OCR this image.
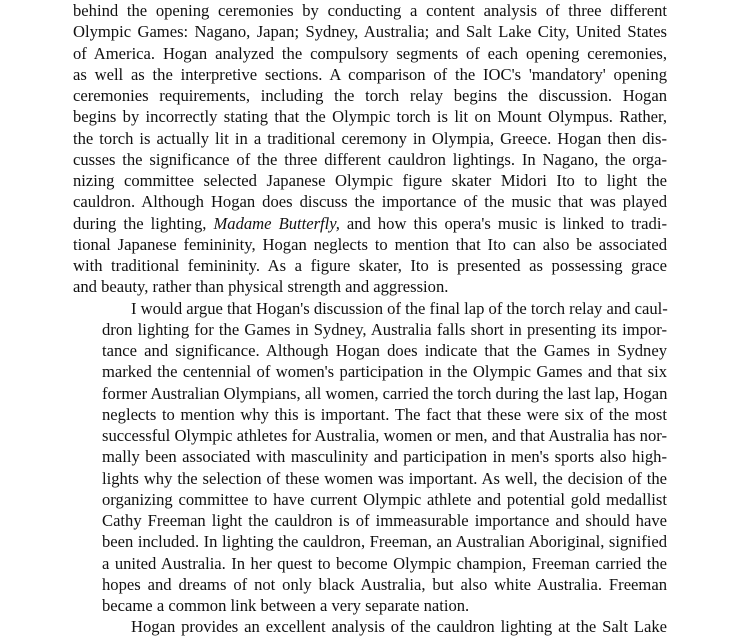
behind the opening ceremonies by conducting a content analysis of three different
Olympic Games: Nagano, Japan; Sydney, Australia; and Salt Lake City, United States
of America. Hogan analyzed the compulsory segments of each opening ceremonies,
as well as the interpretive sections. A comparison of the IOC's 'mandatory' opening
ceremonies requirements, including the torch relay begins the discussion. Hogan
begins by incorrectly stating that the Olympic torch is lit on Mount Olympus. Rather,
the torch is actually lit in a traditional ceremony in Olympia, Greece. Hogan then dis-
cusses the significance of the three different cauldron lightings. In Nagano, the orga-
nizing committee selected Japanese Olympic figure skater Midori Ito to light the
cauldron. Although Hogan does discuss the importance of the music that was played
during the lighting, Madame Butterfly, and how this opera's music is linked to tradi-
tional Japanese femininity, Hogan neglects to mention that Ito can also be associated
with traditional femininity. As a figure skater, Ito is presented as possessing grace
and beauty, rather than physical strength and aggression.
I would argue that Hogan's discussion of the final lap of the torch relay and caul-
dron lighting for the Games in Sydney, Australia falls short in presenting its impor-
tance and significance. Although Hogan does indicate that the Games in Sydney
marked the centennial of women's participation in the Olympic Games and that six
former Australian Olympians, all women, carried the torch during the last lap, Hogan
neglects to mention why this is important. The fact that these were six of the most
successful Olympic athletes for Australia, women or men, and that Australia has nor-
mally been associated with masculinity and participation in men's sports also high-
lights why the selection of these women was important. As well, the decision of the
organizing committee to have current Olympic athlete and potential gold medallist
Cathy Freeman light the cauldron is of immeasurable importance and should have
been included. In lighting the cauldron, Freeman, an Australian Aboriginal, signified
a united Australia. In her quest to become Olympic champion, Freeman carried the
hopes and dreams of not only black Australia, but also white Australia. Freeman
became a common link between a very separate nation.
Hogan provides an excellent analysis of the cauldron lighting at the Salt Lake
